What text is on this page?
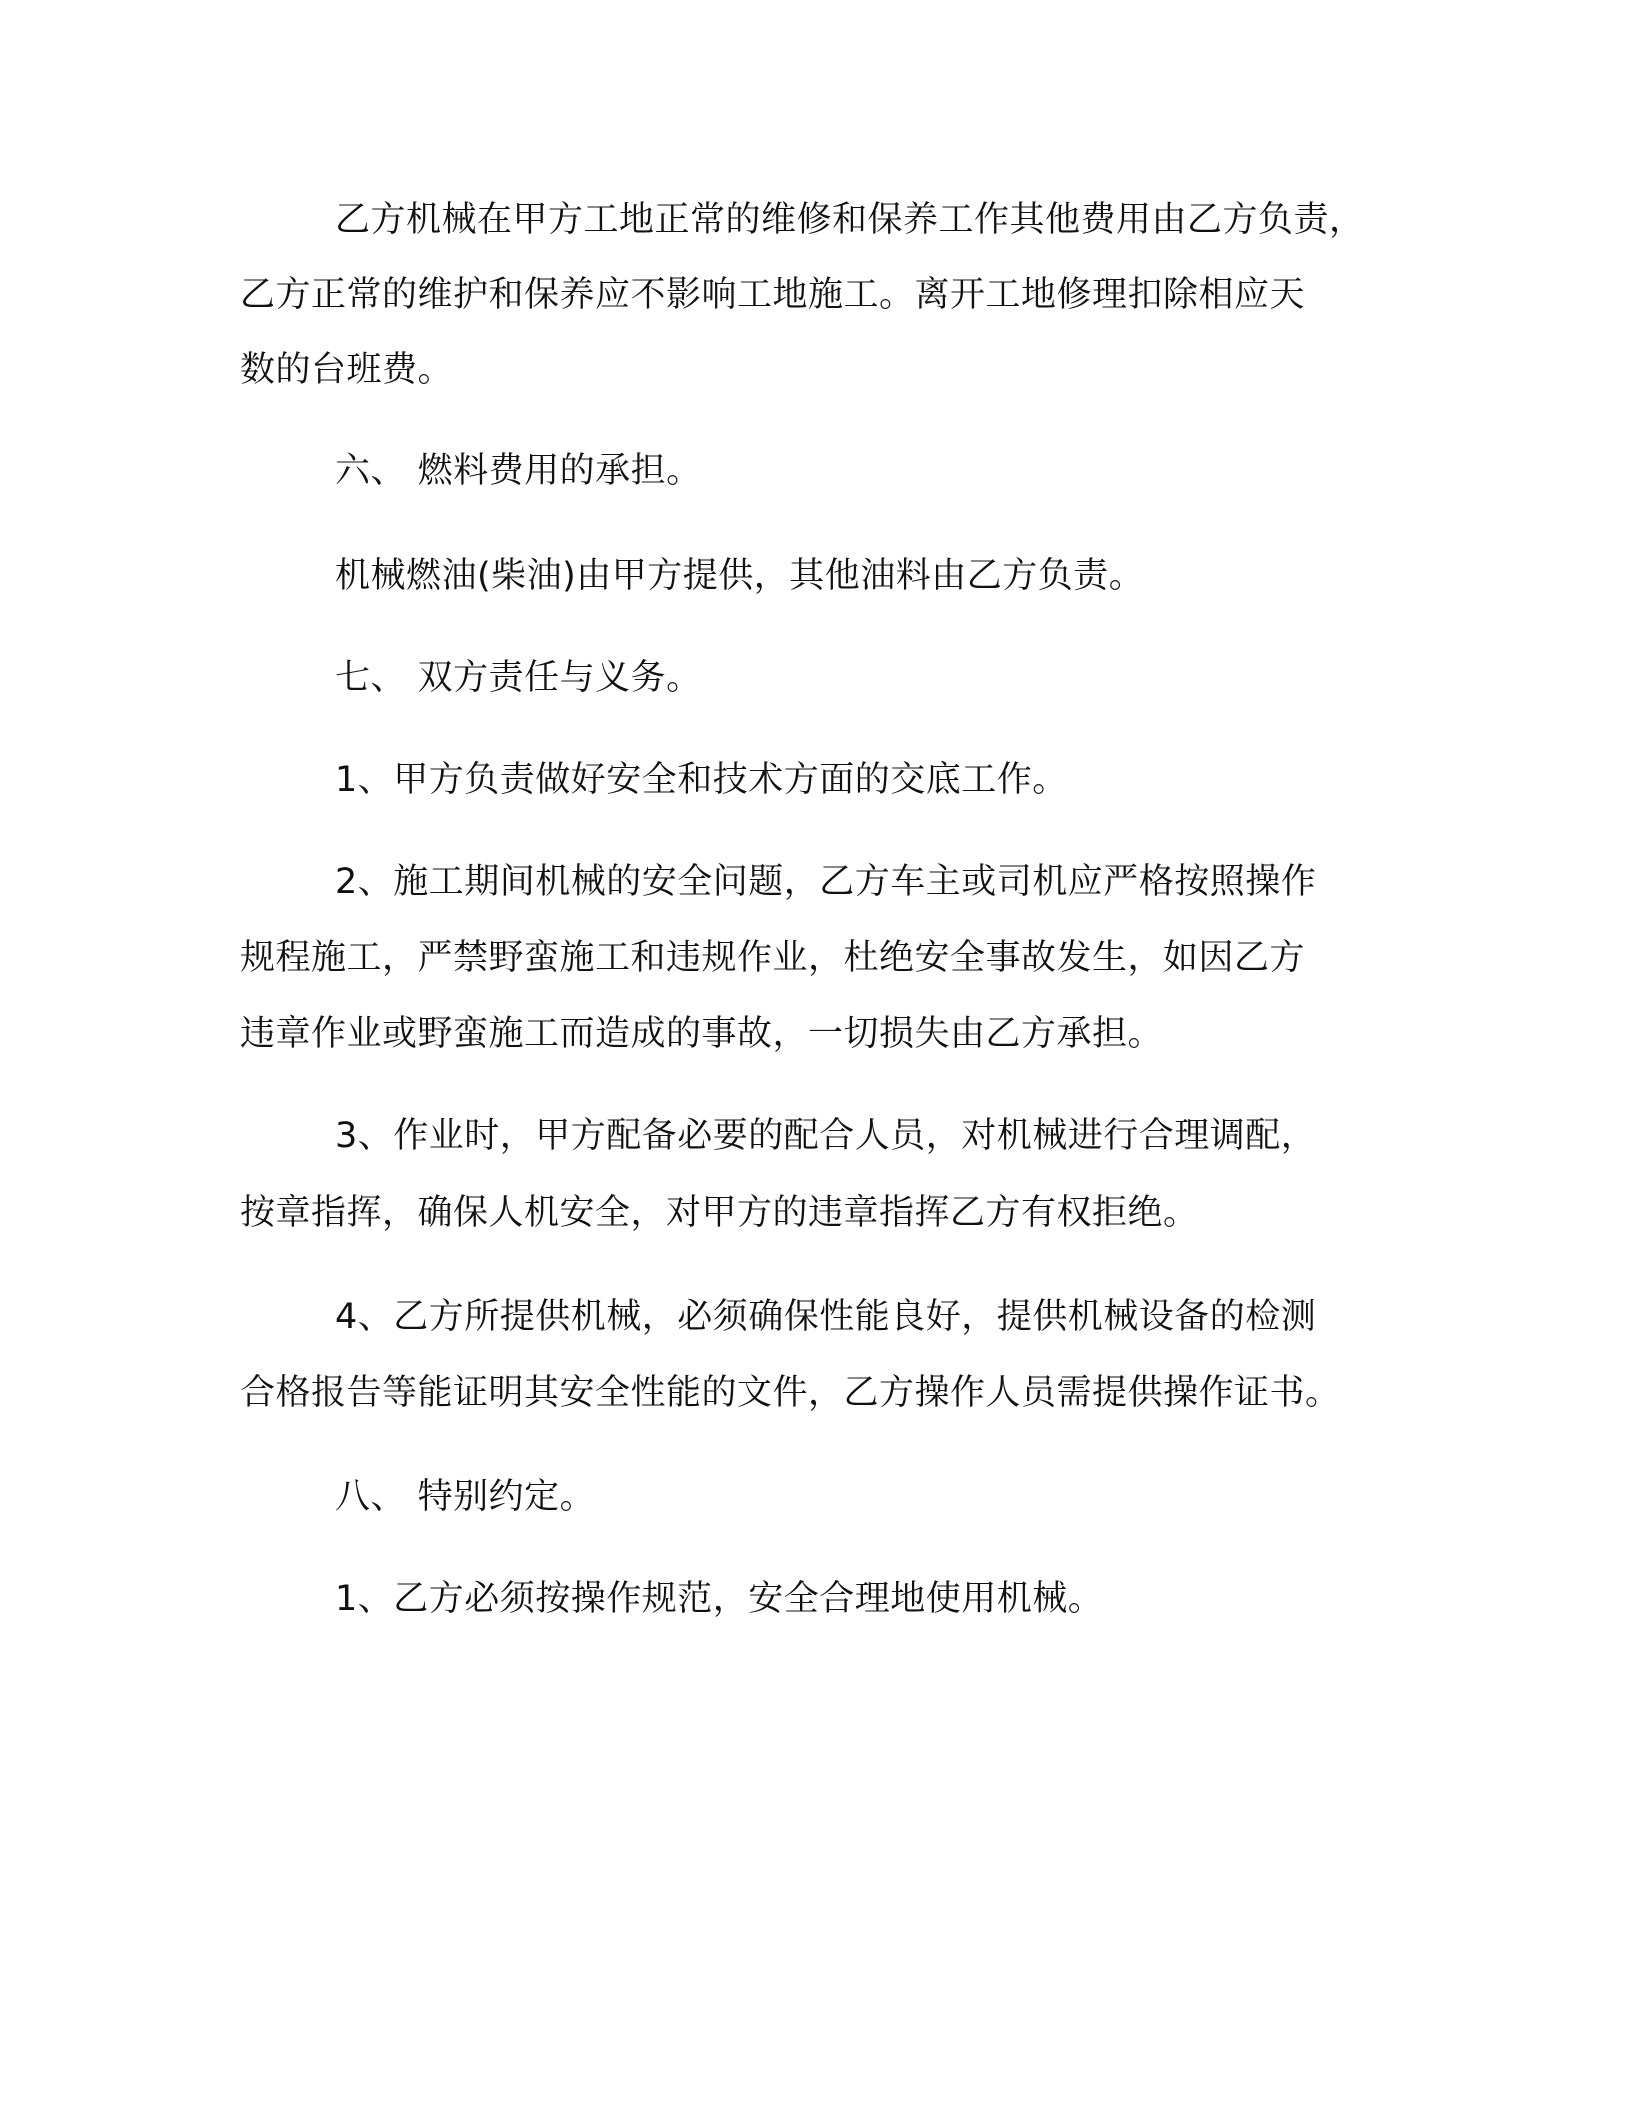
乙方机械在甲方工地正常的维修和保养工作其他费用由乙方负责，

乙方正常的维护和保养应不影响工地施工。离开工地修理扣除相应天

数的台班费。

六、 燃料费用的承担。

机械燃油(柴油)由甲方提供，其他油料由乙方负责。

七、 双方责任与义务。

1、甲方负责做好安全和技术方面的交底工作。

2、施工期间机械的安全问题，乙方车主或司机应严格按照操作

规程施工，严禁野蛮施工和违规作业，杜绝安全事故发生，如因乙方

违章作业或野蛮施工而造成的事故，一切损失由乙方承担。

3、作业时，甲方配备必要的配合人员，对机械进行合理调配，

按章指挥，确保人机安全，对甲方的违章指挥乙方有权拒绝。

4、乙方所提供机械，必须确保性能良好，提供机械设备的检测

合格报告等能证明其安全性能的文件，乙方操作人员需提供操作证书。

八、 特别约定。

1、乙方必须按操作规范，安全合理地使用机械。
